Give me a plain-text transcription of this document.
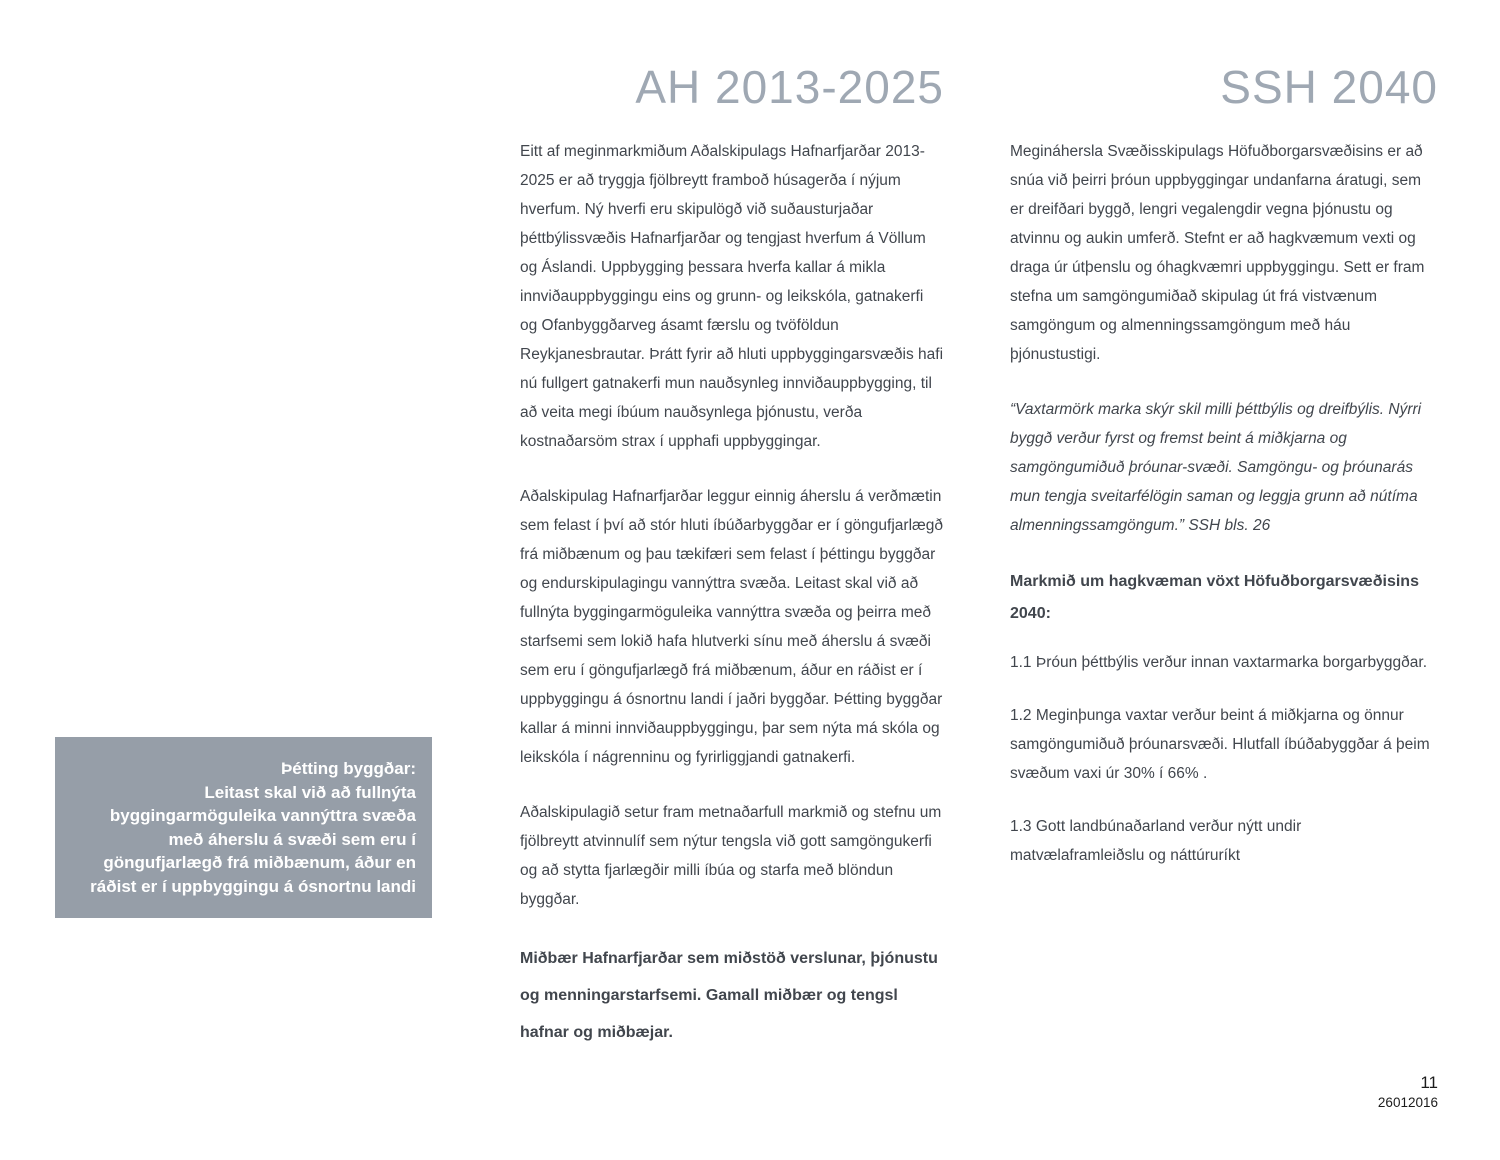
AH 2013-2025

Eitt af meginmarkmiðum Aðalskipulags Hafnarfjarðar 2013-2025 er að tryggja fjölbreytt framboð húsagerða í nýjum hverfum. Ný hverfi eru skipulögð við suðausturjaðar þéttbýlissvæðis Hafnarfjarðar og tengjast hverfum á Völlum og Áslandi. Uppbygging þessara hverfa kallar á mikla innviðauppbyggingu eins og grunn- og leikskóla, gatnakerfi og Ofanbyggðarveg ásamt færslu og tvöföldun Reykjanesbrautar. Þrátt fyrir að hluti uppbyggingarsvæðis hafi nú fullgert gatnakerfi mun nauðsynleg innviðauppbygging, til að veita megi íbúum nauðsynlega þjónustu, verða kostnaðarsöm strax í upphafi uppbyggingar.

Aðalskipulag Hafnarfjarðar leggur einnig áherslu á verðmætin sem felast í því að stór hluti íbúðarbyggðar er í göngufjarlægð frá miðbænum og þau tækifæri sem felast í þéttingu byggðar og endurskipulagingu vannýttra svæða. Leitast skal við að fullnýta byggingarmöguleika vannýttra svæða og þeirra með starfsemi sem lokið hafa hlutverki sínu með áherslu á svæði sem eru í göngufjarlægð frá miðbænum, áður en ráðist er í uppbyggingu á ósnortnu landi í jaðri byggðar. Þétting byggðar kallar á minni innviðauppbyggingu, þar sem nýta má skóla og leikskóla í nágrenninu og fyrirliggjandi gatnakerfi.

Aðalskipulagið setur fram metnaðarfull markmið og stefnu um fjölbreytt atvinnulíf sem nýtur tengsla við gott samgöngukerfi og að stytta fjarlægðir milli íbúa og starfa með blöndun byggðar.

Miðbær Hafnarfjarðar sem miðstöð verslunar, þjónustu og menningarstarfsemi. Gamall miðbær og tengsl hafnar og miðbæjar.

SSH 2040

Megináhersla Svæðisskipulags Höfuðborgarsvæðisins er að snúa við þeirri þróun uppbyggingar undanfarna áratugi, sem er dreifðari byggð, lengri vegalengdir vegna þjónustu og atvinnu og aukin umferð. Stefnt er að hagkvæmum vexti og draga úr útþenslu og óhagkvæmri uppbyggingu. Sett er fram stefna um samgöngumiðað skipulag út frá vistvænum samgöngum og almenningssamgöngum með háu þjónustustigi.

“Vaxtarmörk marka skýr skil milli þéttbýlis og dreifbýlis. Nýrri byggð verður fyrst og fremst beint á miðkjarna og samgöngumiðuð þróunar-svæði. Samgöngu- og þróunarás mun tengja sveitarfélögin saman og leggja grunn að nútíma almenningssamgöngum.” SSH bls. 26

Markmið um hagkvæman vöxt Höfuðborgarsvæðisins 2040:

1.1 Þróun þéttbýlis verður innan vaxtarmarka borgarbyggðar.

1.2 Meginþunga vaxtar verður beint á miðkjarna og önnur samgöngumiðuð þróunarsvæði. Hlutfall íbúðabyggðar á þeim svæðum vaxi úr 30% í 66% .

1.3 Gott landbúnaðarland verður nýtt undir matvælaframleiðslu og náttúruríkt

Þétting byggðar:
Leitast skal við að fullnýta byggingarmöguleika vannýttra svæða með áherslu á svæði sem eru í göngufjarlægð frá miðbænum, áður en ráðist er í uppbyggingu á ósnortnu landi
11
26012016
